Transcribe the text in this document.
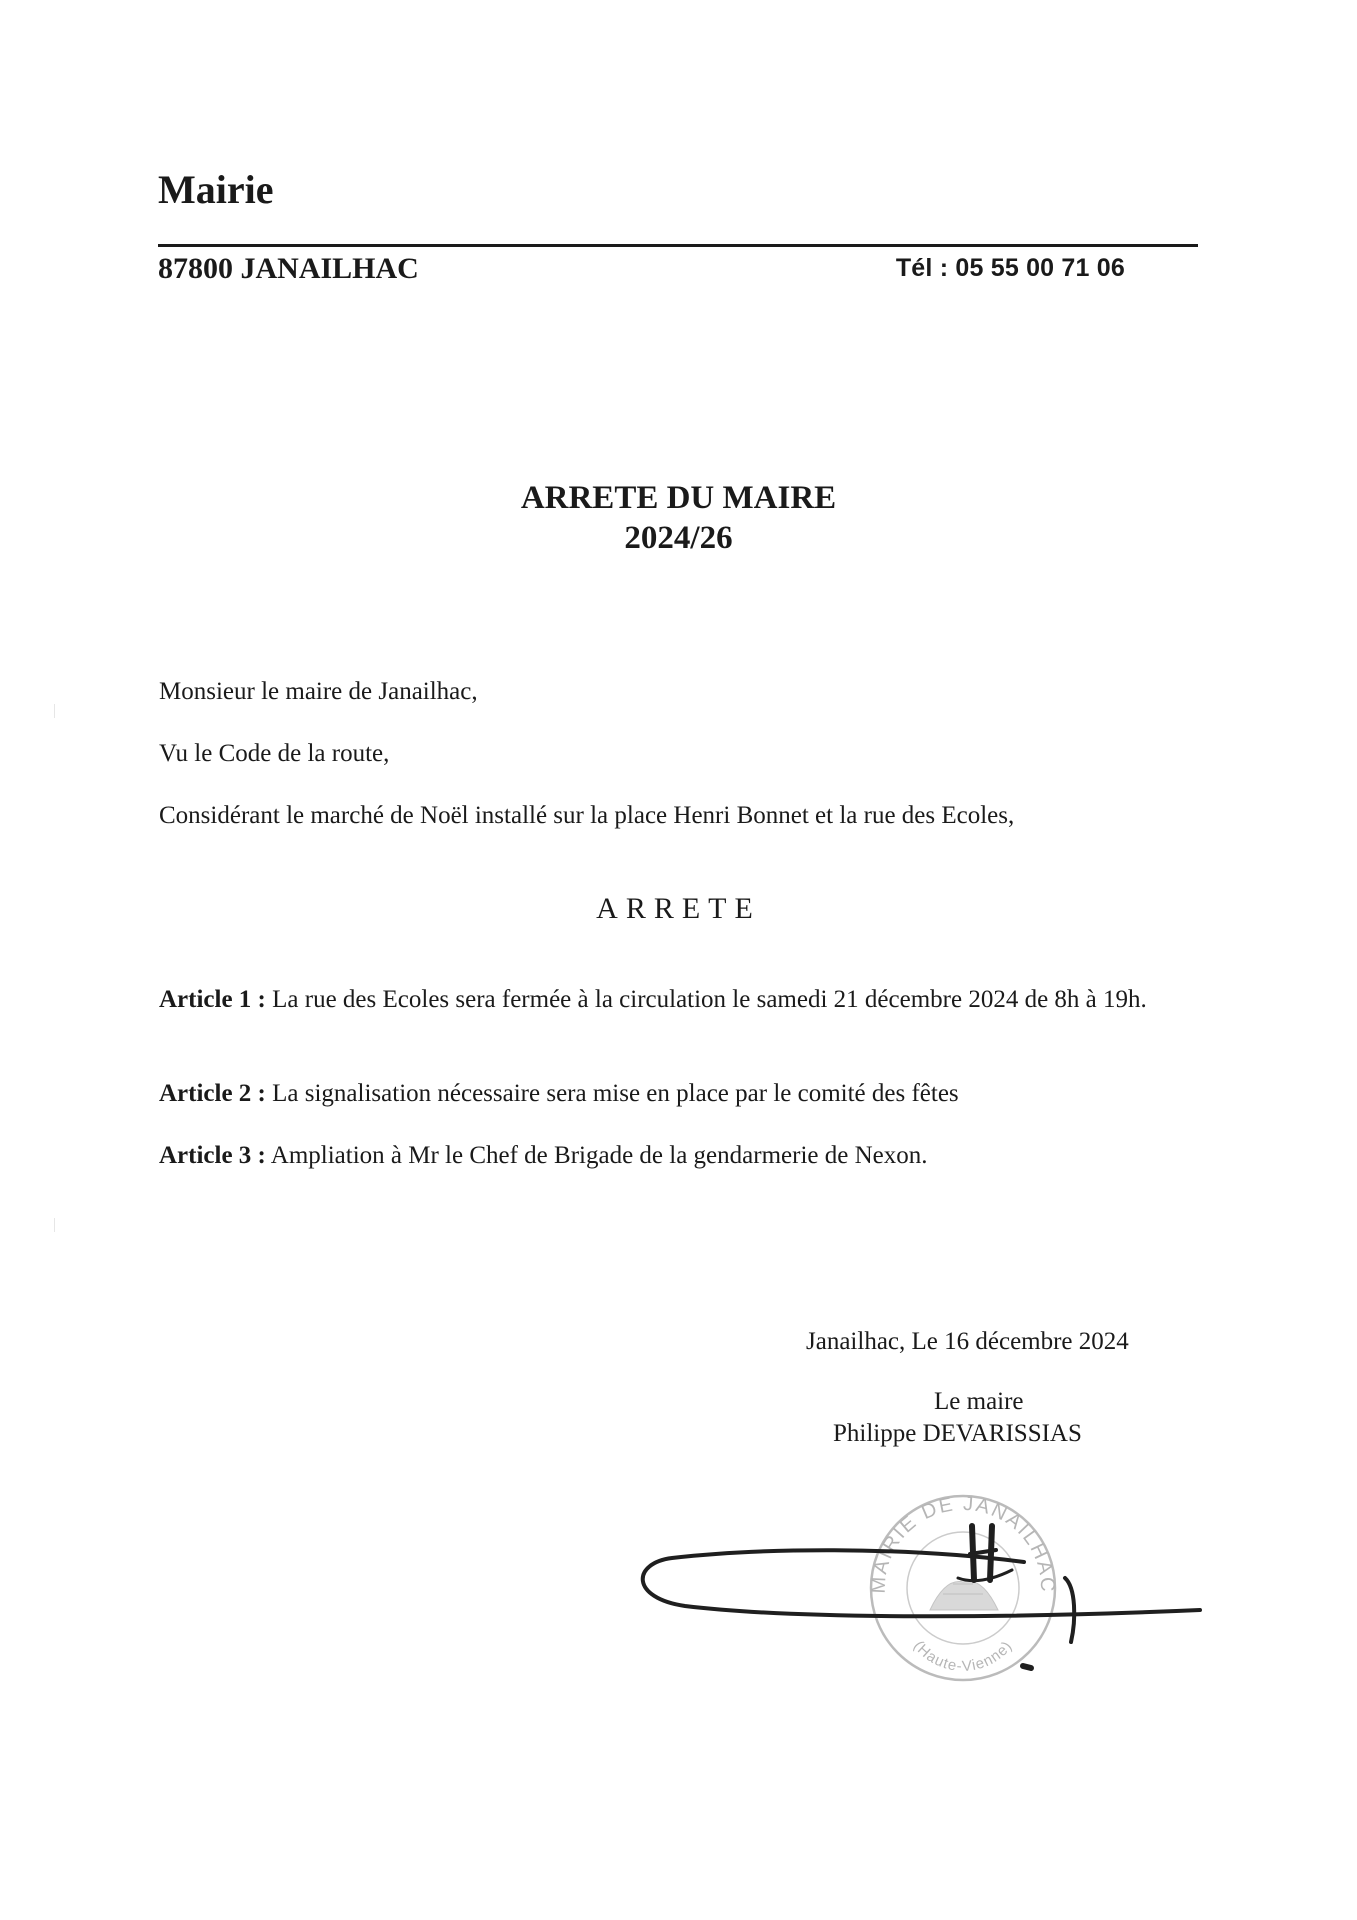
Mairie
87800 JANAILHAC	Tél : 05 55 00 71 06
ARRETE DU MAIRE
2024/26
Monsieur le maire de Janailhac,
Vu le Code de la route,
Considérant le marché de Noël installé sur la place Henri Bonnet et la rue des Ecoles,
ARRETE
Article 1 : La rue des Ecoles sera fermée à la circulation le samedi 21 décembre 2024 de 8h à 19h.
Article 2 : La signalisation nécessaire sera mise en place par le comité des fêtes
Article 3 : Ampliation à Mr le Chef de Brigade de la gendarmerie de Nexon.
Janailhac, Le 16 décembre 2024
Le maire
Philippe DEVARISSIAS
MAIRIE DE JANAILHAC
(Haute-Vienne)
